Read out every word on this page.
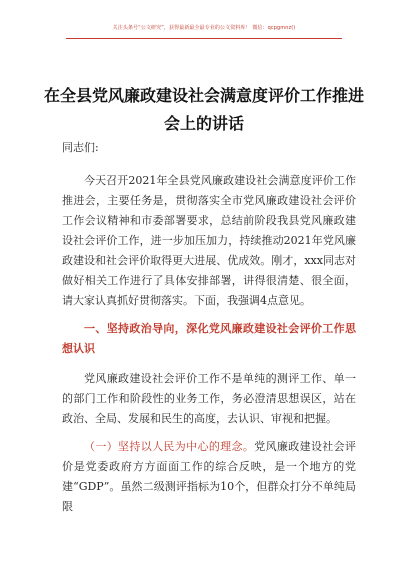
关注头条号“公文研究”，获得最新最全最专业的公文资料库！ 微信：qcpgmnz()
在全县党风廉政建设社会满意度评价工作推进会上的讲话

同志们:

今天召开2021年全县党风廉政建设社会满意度评价工作推进会，主要任务是，贯彻落实全市党风廉政建设社会评价工作会议精神和市委部署要求，总结前阶段我县党风廉政建设社会评价工作，进一步加压加力，持续推动2021年党风廉政建设和社会评价取得更大进展、优成效。刚才，xxx同志对做好相关工作进行了具体安排部署，讲得很清楚、很全面，请大家认真抓好贯彻落实。下面，我强调4点意见。

一、坚持政治导向，深化党风廉政建设社会评价工作思想认识

党风廉政建设社会评价工作不是单纯的测评工作、单一的部门工作和阶段性的业务工作，务必澄清思想误区，站在政治、全局、发展和民生的高度，去认识、审视和把握。

（一）坚持以人民为中心的理念。党风廉政建设社会评价是党委政府方方面面工作的综合反映，是一个地方的党建“GDP”。虽然二级测评指标为10个，但群众打分不单纯局限
